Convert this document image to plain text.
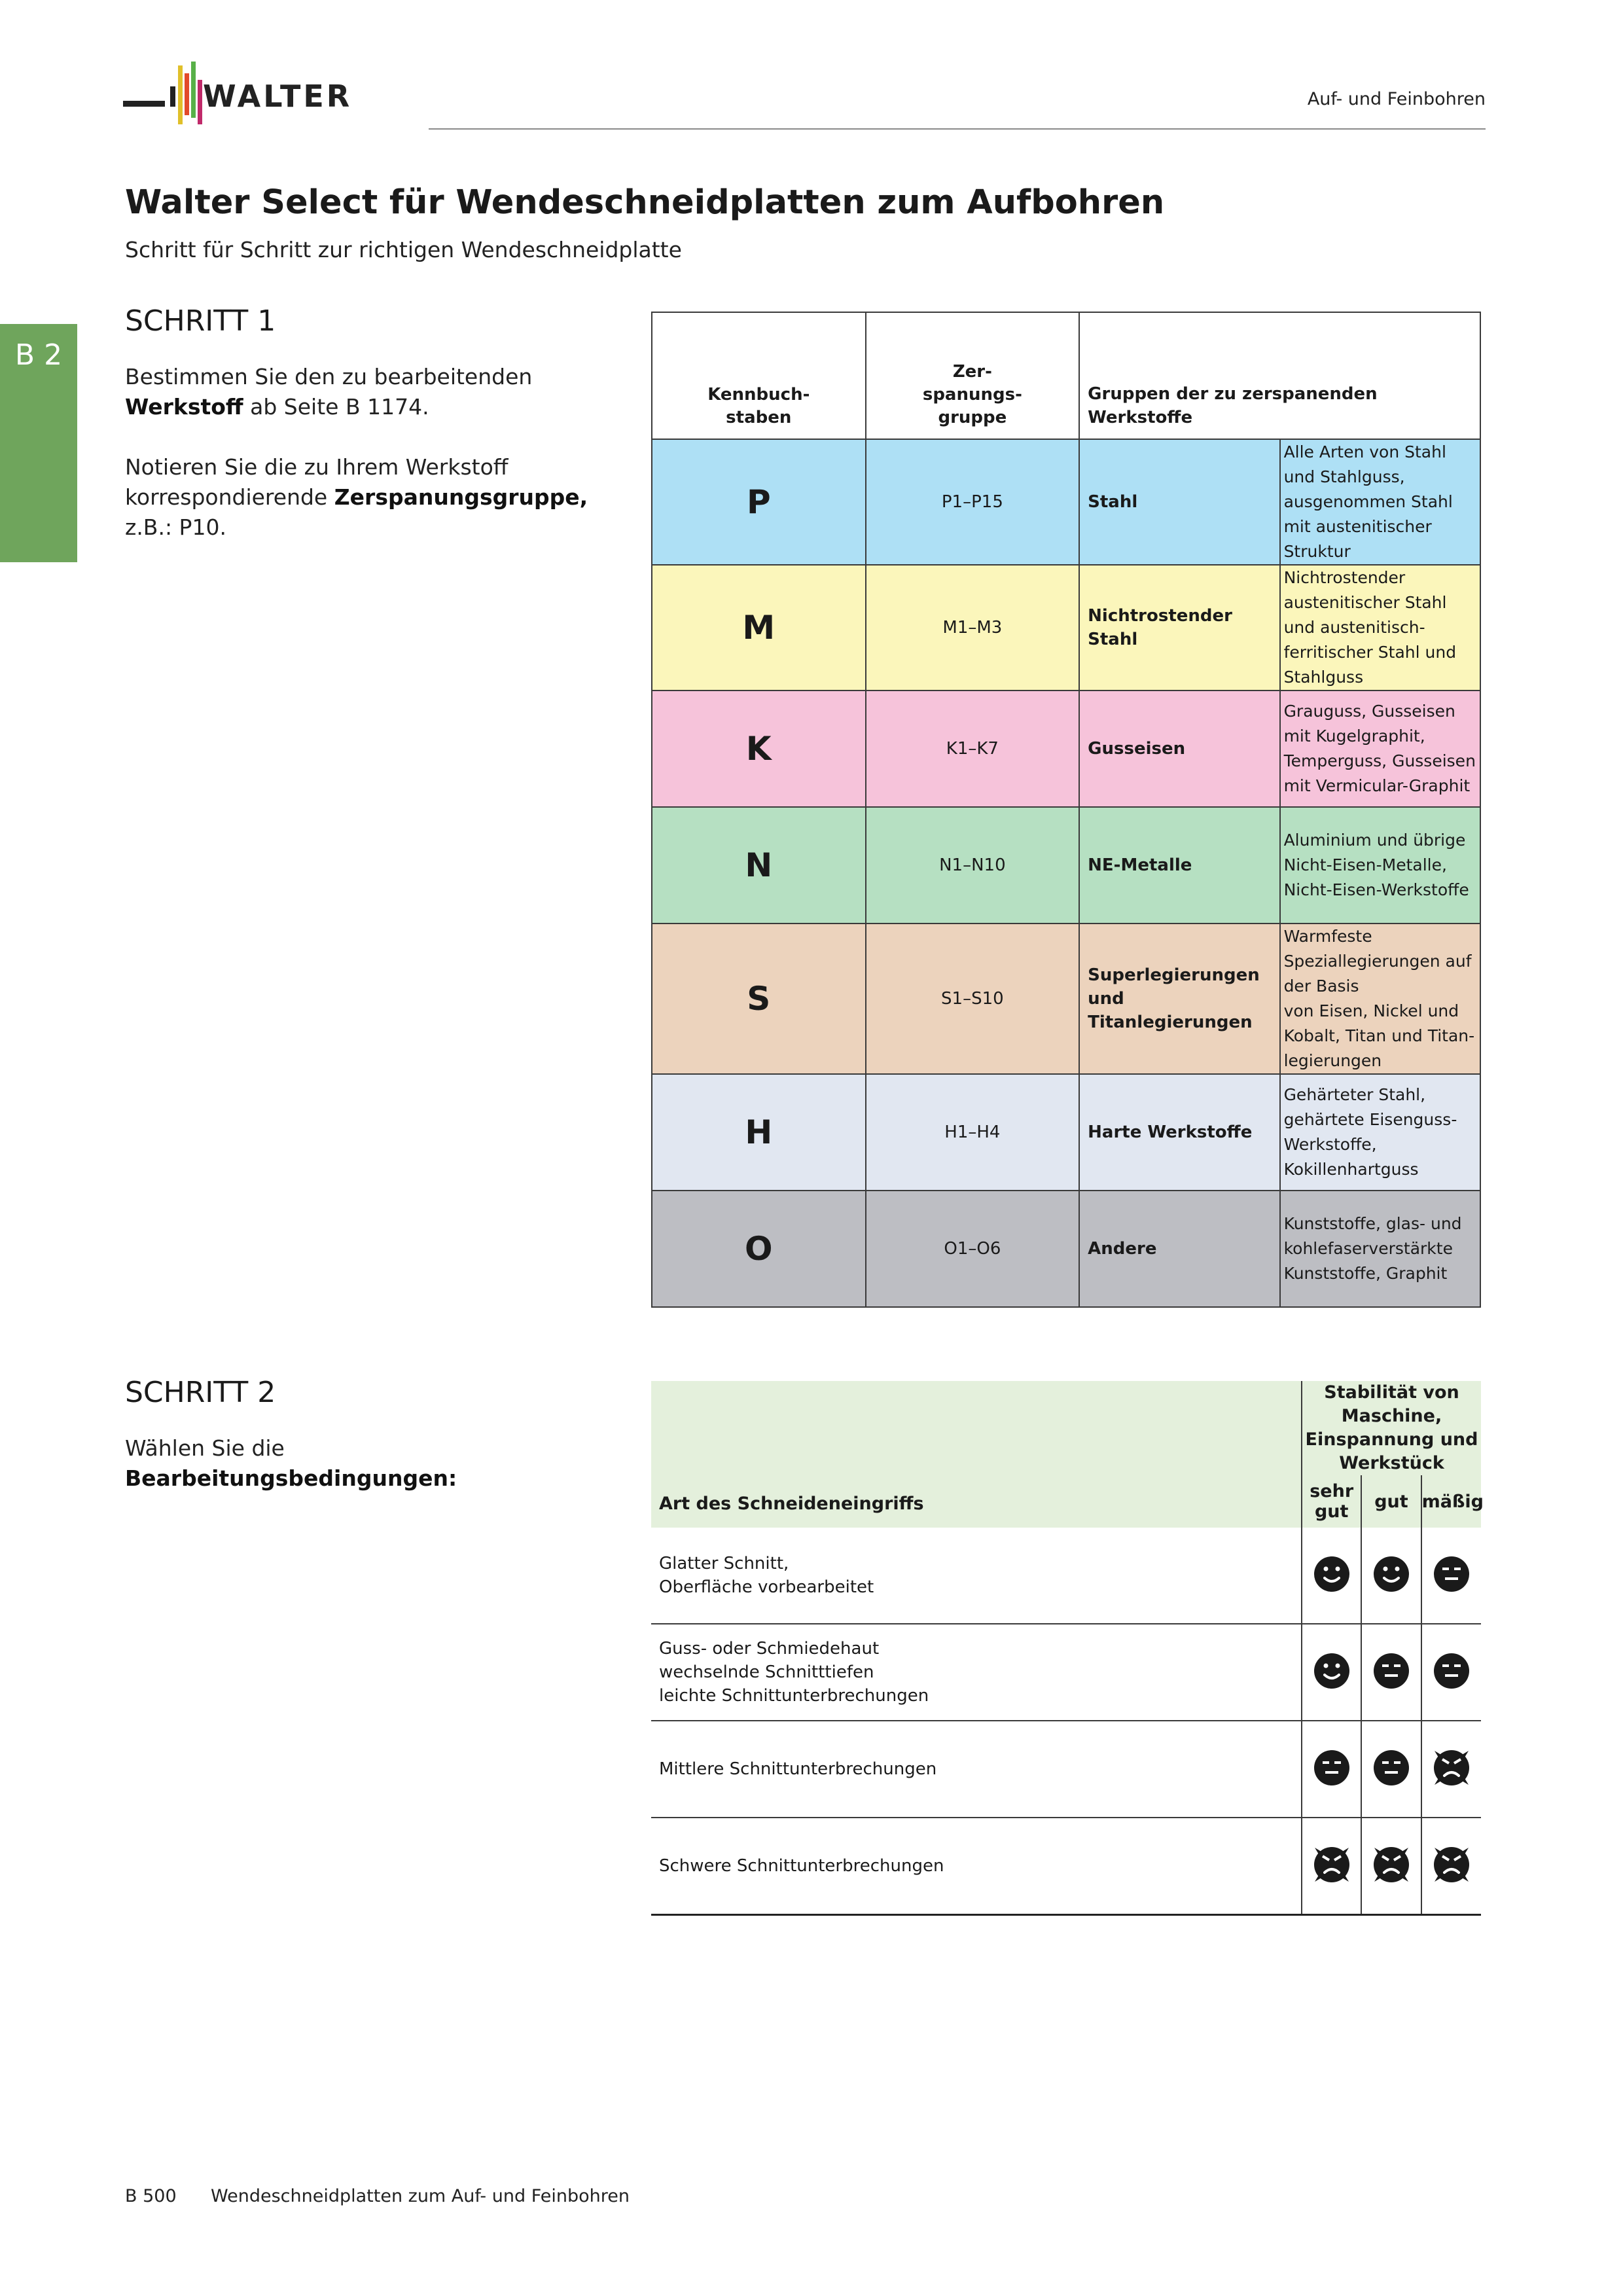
WALTER	Auf- und Feinbohren
Walter Select für Wendeschneidplatten zum Aufbohren
Schritt für Schritt zur richtigen Wendeschneidplatte
B 2
SCHRITT 1
Bestimmen Sie den zu bearbeitenden
Werkstoff ab Seite B 1174.
Notieren Sie die zu Ihrem Werkstoff
korrespondierende Zerspanungsgruppe,
z.B.: P10.
Kennbuch-
staben	Zer-
spanungs-
gruppe	Gruppen der zu zerspanenden Werkstoffe	

P	P1–P15	Stahl	Alle Arten von Stahl und Stahlguss,
ausgenommen Stahl mit austenitischer
Struktur
M	M1–M3	Nichtrostender
Stahl	Nichtrostender austenitischer Stahl
und austenitisch-ferritischer Stahl und
Stahlguss
K	K1–K7	Gusseisen	Grauguss, Gusseisen mit Kugelgraphit,
Temperguss, Gusseisen mit Vermicular-Graphit
N	N1–N10	NE-Metalle	Aluminium und übrige Nicht-Eisen-Metalle,
Nicht-Eisen-Werkstoffe
S	S1–S10	Superlegierungen
und Titanlegierungen	Warmfeste Speziallegierungen auf der Basis
von Eisen, Nickel und Kobalt, Titan und Titan-
legierungen
H	H1–H4	Harte Werkstoffe	Gehärteter Stahl, gehärtete Eisenguss-
Werkstoffe, Kokillenhartguss
O	O1–O6	Andere	Kunststoffe, glas- und kohlefaserverstärkte
Kunststoffe, Graphit
SCHRITT 2
Wählen Sie die
Bearbeitungsbedingungen:
Art des Schneideneingriffs	Stabilität von Maschine,
Einspannung und Werkstück		
	sehr gut	gut	mäßig
Glatter Schnitt,
Oberfläche vorbearbeitet			
Guss- oder Schmiedehaut
wechselnde Schnitttiefen
leichte Schnittunterbrechungen			
Mittlere Schnittunterbrechungen			
Schwere Schnittunterbrechungen			
B 500 Wendeschneidplatten zum Auf- und Feinbohren
